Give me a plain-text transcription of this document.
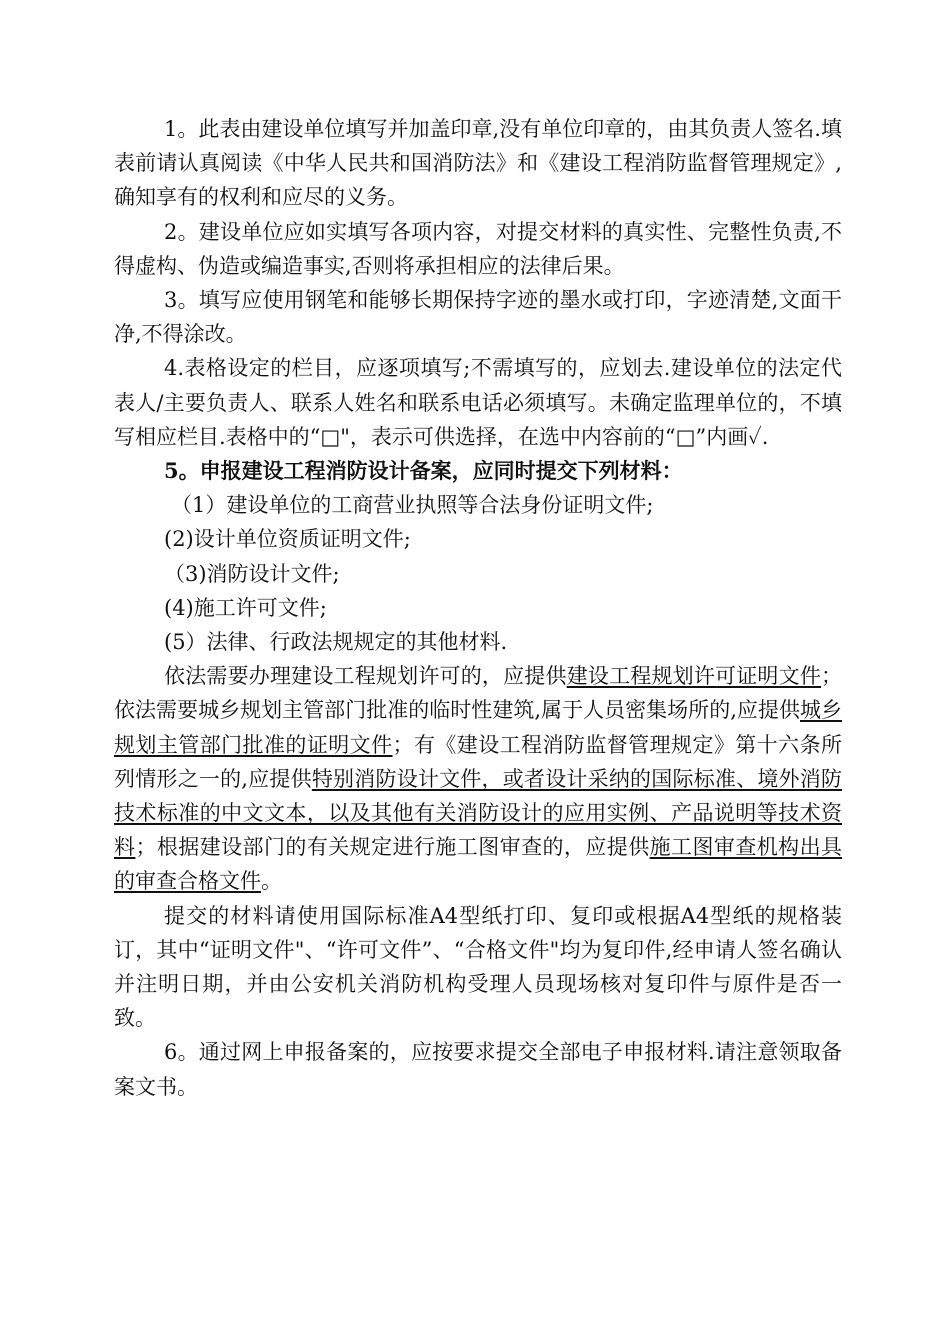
1。此表由建设单位填写并加盖印章,没有单位印章的，由其负责人签名.填表前请认真阅读《中华人民共和国消防法》和《建设工程消防监督管理规定》,确知享有的权利和应尽的义务。

2。建设单位应如实填写各项内容，对提交材料的真实性、完整性负责,不得虚构、伪造或编造事实,否则将承担相应的法律后果。

3。填写应使用钢笔和能够长期保持字迹的墨水或打印，字迹清楚,文面干净,不得涂改。

4.表格设定的栏目，应逐项填写;不需填写的，应划去.建设单位的法定代表人/主要负责人、联系人姓名和联系电话必须填写。未确定监理单位的，不填写相应栏目.表格中的“□"，表示可供选择，在选中内容前的“□”内画✓.

5。申报建设工程消防设计备案，应同时提交下列材料：

（1）建设单位的工商营业执照等合法身份证明文件;

(2)设计单位资质证明文件;

（3)消防设计文件;

(4)施工许可文件;

(5）法律、行政法规规定的其他材料.

依法需要办理建设工程规划许可的，应提供建设工程规划许可证明文件；依法需要城乡规划主管部门批准的临时性建筑,属于人员密集场所的,应提供城乡规划主管部门批准的证明文件；有《建设工程消防监督管理规定》第十六条所列情形之一的,应提供特别消防设计文件，或者设计采纳的国际标准、境外消防技术标准的中文文本，以及其他有关消防设计的应用实例、产品说明等技术资料；根据建设部门的有关规定进行施工图审查的，应提供施工图审查机构出具的审查合格文件。

提交的材料请使用国际标准A4型纸打印、复印或根据A4型纸的规格装订，其中“证明文件"、“许可文件”、“合格文件"均为复印件,经申请人签名确认并注明日期，并由公安机关消防机构受理人员现场核对复印件与原件是否一致。

6。通过网上申报备案的，应按要求提交全部电子申报材料.请注意领取备案文书。
